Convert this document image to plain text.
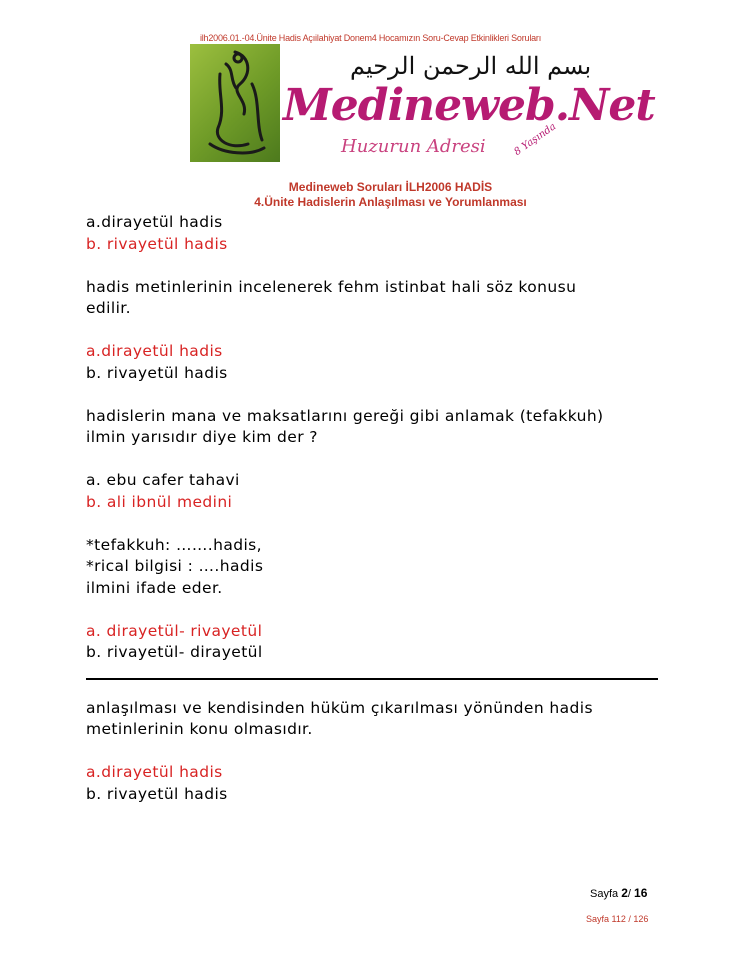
ilh2006.01.-04.Ünite Hadis Açıilahiyat Donem4 Hocamızın Soru-Cevap Etkinlikleri Soruları
بسم الله الرحمن الرحيم
Medineweb.Net
Huzurun Adresi	8 Yaşında
Medineweb Soruları İLH2006 HADİS
4.Ünite Hadislerin Anlaşılması ve Yorumlanması

a.dirayetül hadis

b. rivayetül hadis

hadis metinlerinin incelenerek fehm istinbat hali söz konusu

edilir.

a.dirayetül hadis

b. rivayetül hadis

hadislerin mana ve maksatlarını gereği gibi anlamak (tefakkuh)

ilmin yarısıdır diye kim der ?

a. ebu cafer tahavi

b. ali ibnül medini

*tefakkuh: …….hadis,

*rical bilgisi : ….hadis

ilmini ifade eder.

a. dirayetül- rivayetül

b. rivayetül- dirayetül

anlaşılması ve kendisinden hüküm çıkarılması yönünden hadis

metinlerinin konu olmasıdır.

a.dirayetül hadis

b. rivayetül hadis

Sayfa 2/ 16
Sayfa 112 / 126
